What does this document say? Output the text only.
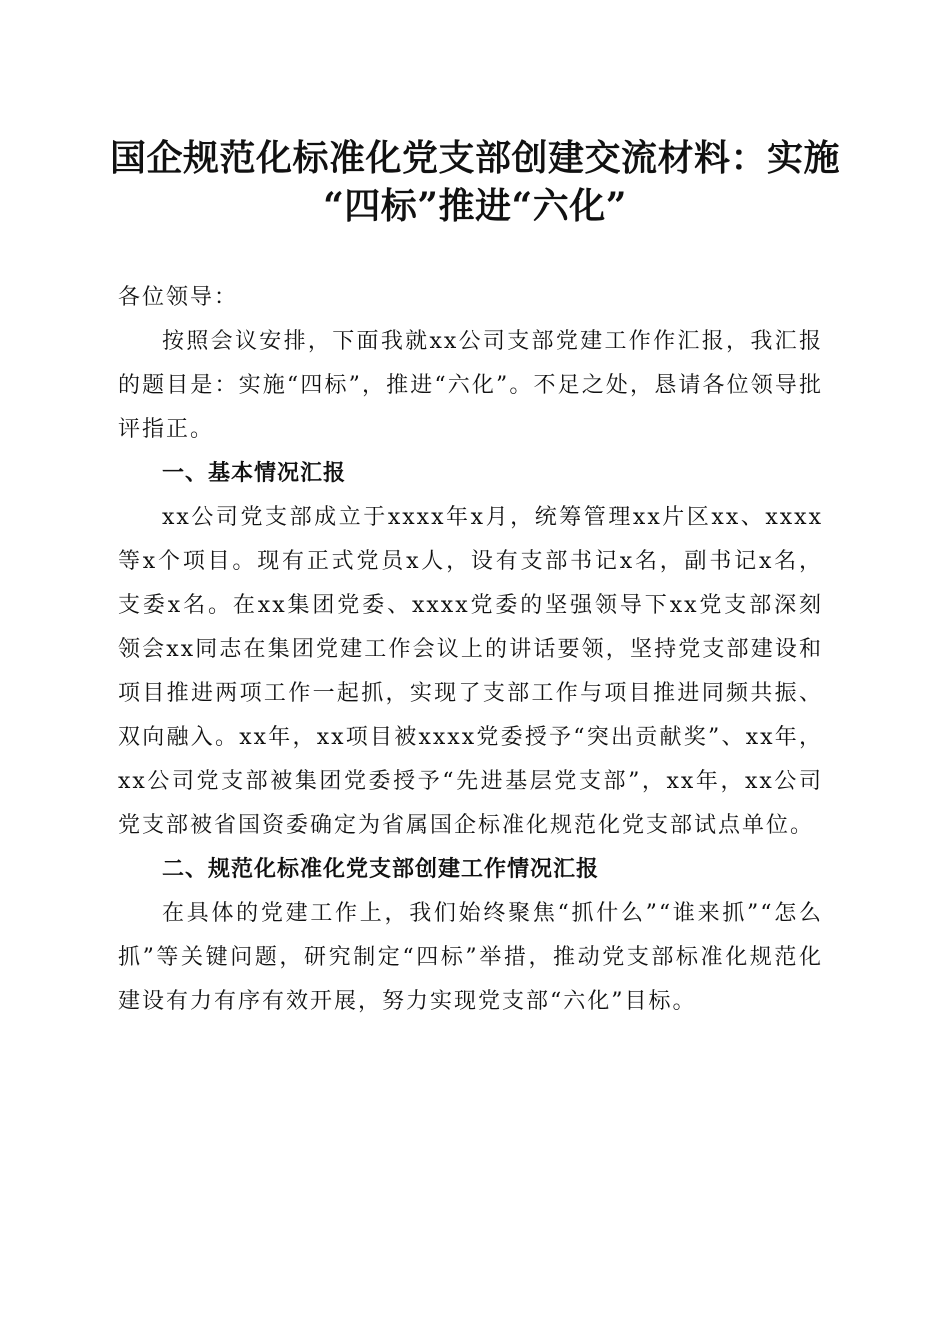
国企规范化标准化党支部创建交流材料：实施
“四标”推进“六化”

各位领导：

按照会议安排，下面我就xx公司支部党建工作作汇报，我汇报的题目是：实施“四标”，推进“六化”。不足之处，恳请各位领导批评指正。

一、基本情况汇报

xx公司党支部成立于xxxx年x月，统筹管理xx片区xx、xxxx等x个项目。现有正式党员x人，设有支部书记x名，副书记x名，支委x名。在xx集团党委、xxxx党委的坚强领导下xx党支部深刻领会xx同志在集团党建工作会议上的讲话要领，坚持党支部建设和项目推进两项工作一起抓，实现了支部工作与项目推进同频共振、双向融入。xx年，xx项目被xxxx党委授予“突出贡献奖”、xx年，xx公司党支部被集团党委授予“先进基层党支部”，xx年，xx公司党支部被省国资委确定为省属国企标准化规范化党支部试点单位。

二、规范化标准化党支部创建工作情况汇报

在具体的党建工作上，我们始终聚焦“抓什么”“谁来抓”“怎么抓”等关键问题，研究制定“四标”举措，推动党支部标准化规范化建设有力有序有效开展，努力实现党支部“六化”目标。
